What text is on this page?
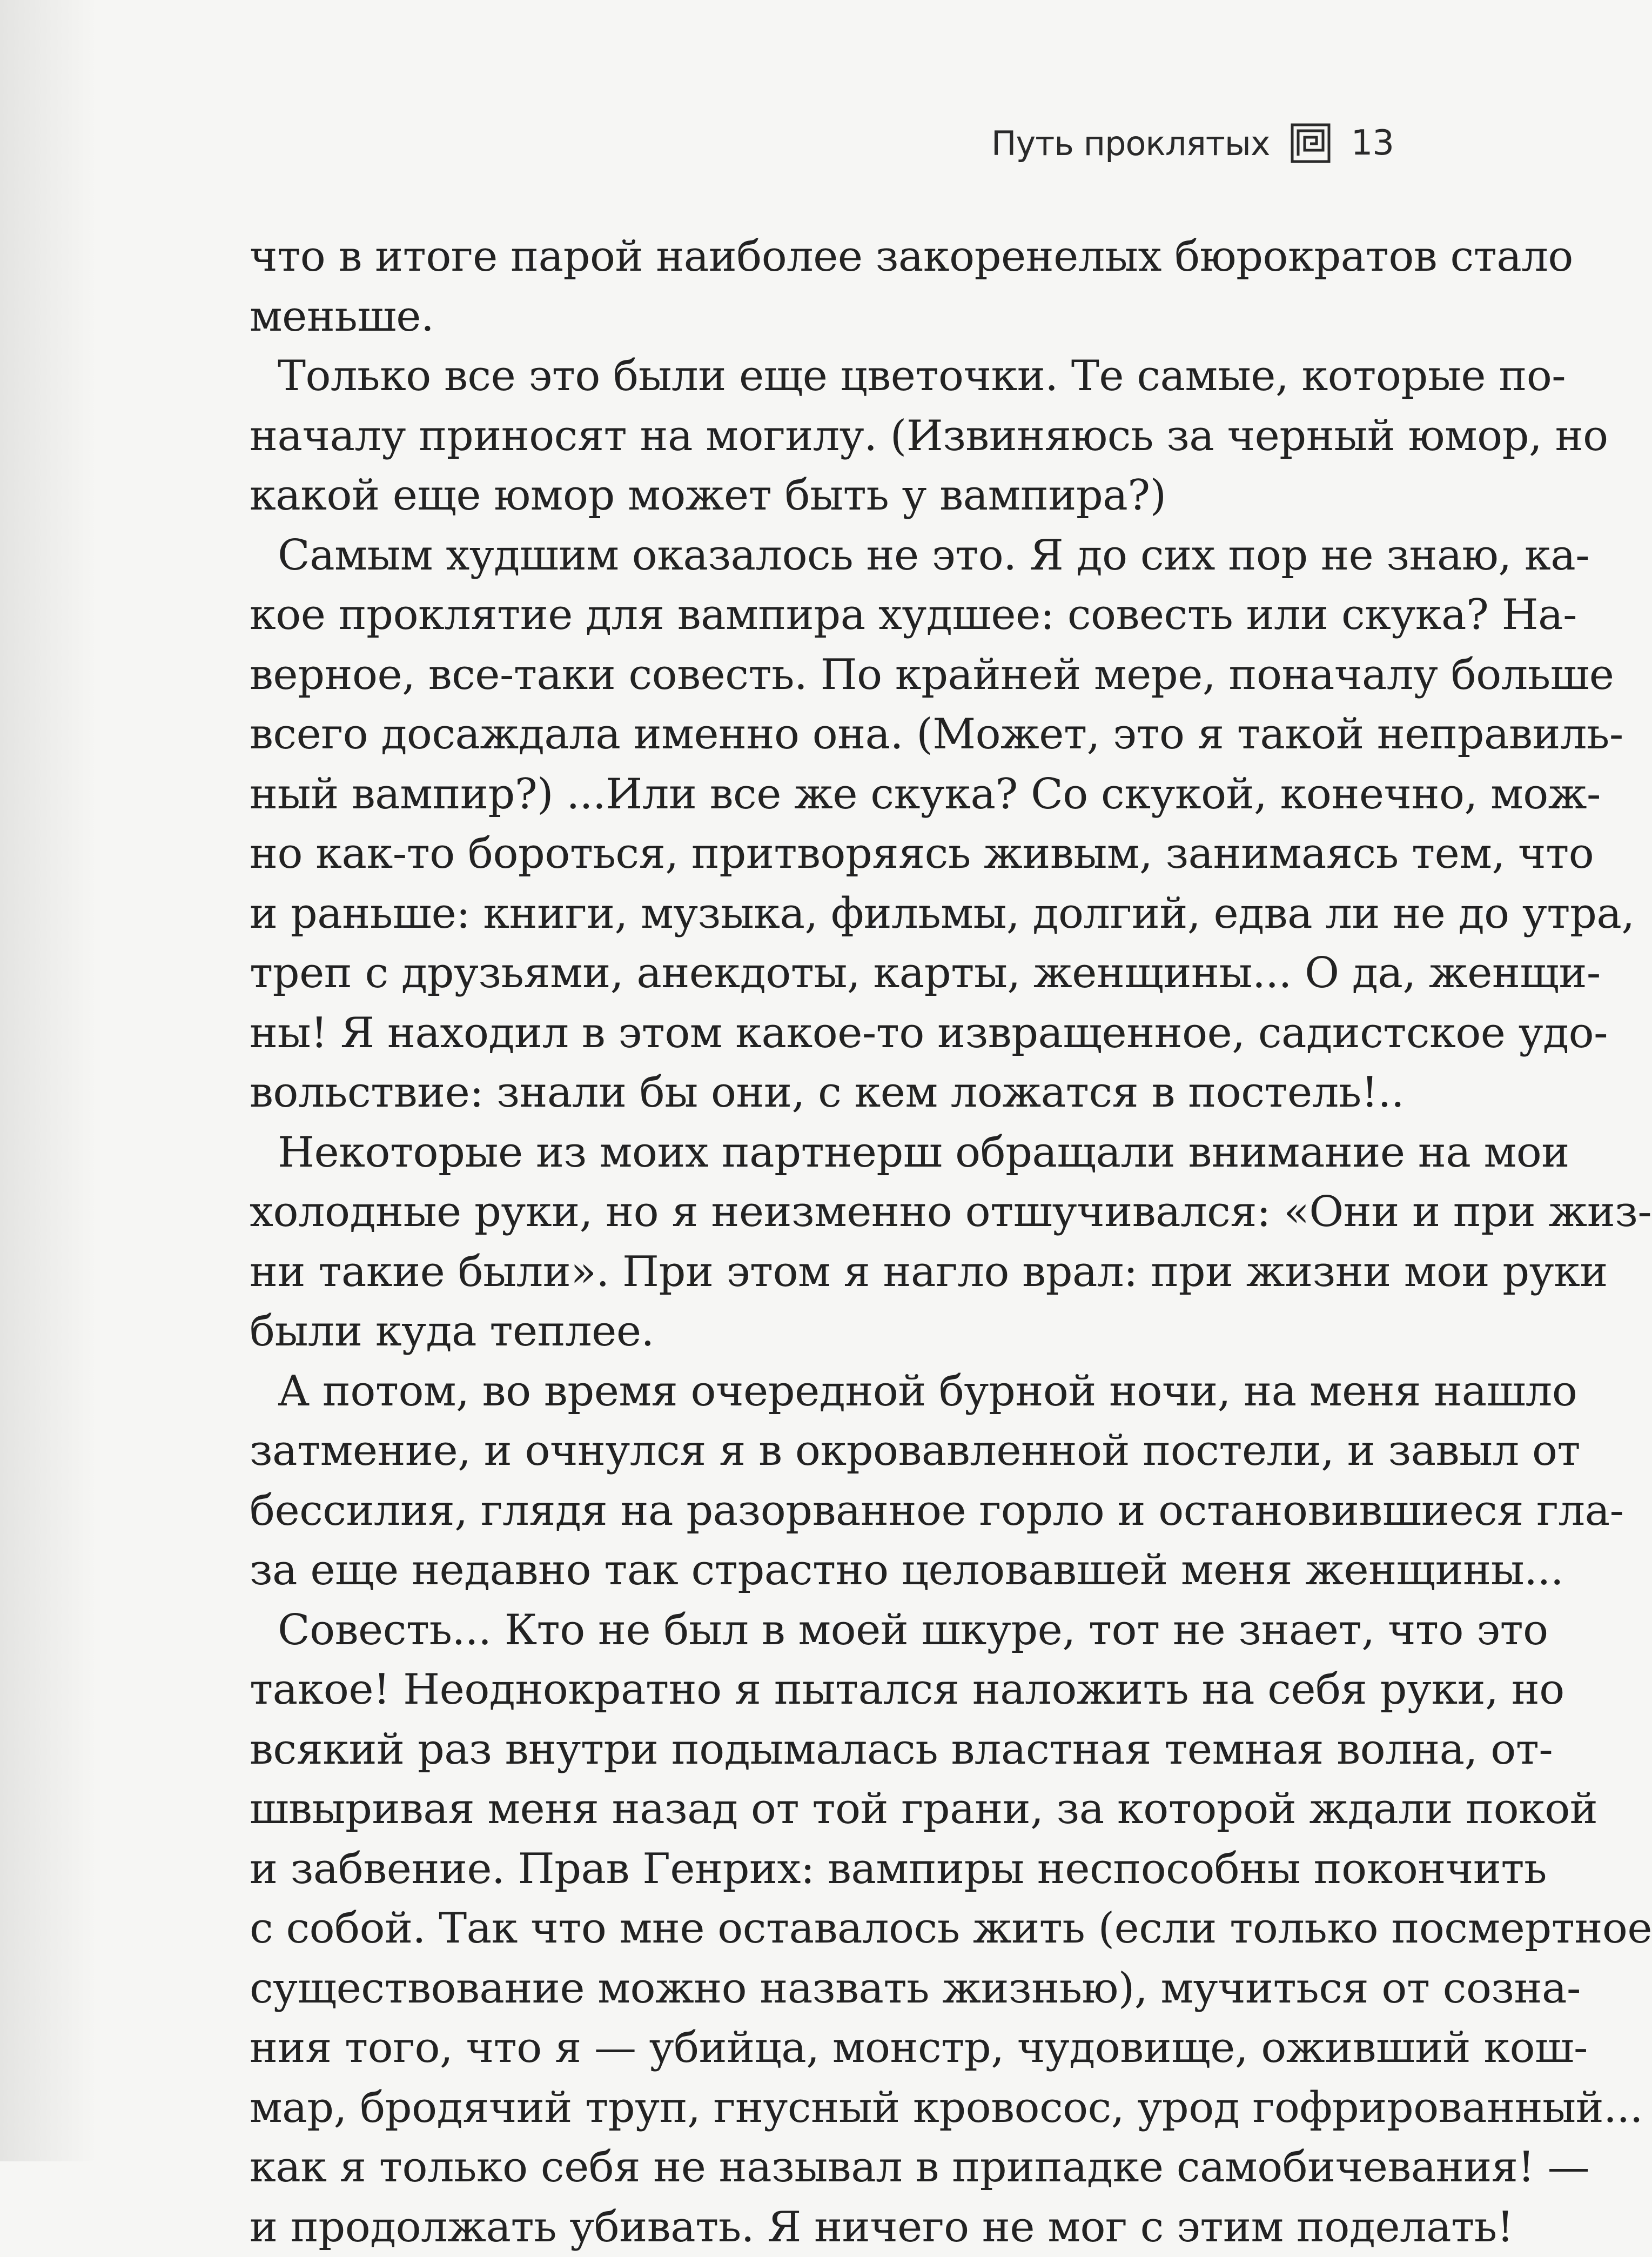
Путь проклятых 13
что в итоге парой наиболее закоренелых бюрократов стало
меньше.
Только все это были еще цветочки. Те самые, которые по-
началу приносят на могилу. (Извиняюсь за черный юмор, но
какой еще юмор может быть у вампира?)
Самым худшим оказалось не это. Я до сих пор не знаю, ка-
кое проклятие для вампира худшее: совесть или скука? На-
верное, все-таки совесть. По крайней мере, поначалу больше
всего досаждала именно она. (Может, это я такой неправиль-
ный вампир?) ...Или все же скука? Со скукой, конечно, мож-
но как-то бороться, притворяясь живым, занимаясь тем, что
и раньше: книги, музыка, фильмы, долгий, едва ли не до утра,
треп с друзьями, анекдоты, карты, женщины... О да, женщи-
ны! Я находил в этом какое-то извращенное, садистское удо-
вольствие: знали бы они, с кем ложатся в постель!..
Некоторые из моих партнерш обращали внимание на мои
холодные руки, но я неизменно отшучивался: «Они и при жиз-
ни такие были». При этом я нагло врал: при жизни мои руки
были куда теплее.
А потом, во время очередной бурной ночи, на меня нашло
затмение, и очнулся я в окровавленной постели, и завыл от
бессилия, глядя на разорванное горло и остановившиеся гла-
за еще недавно так страстно целовавшей меня женщины...
Совесть... Кто не был в моей шкуре, тот не знает, что это
такое! Неоднократно я пытался наложить на себя руки, но
всякий раз внутри подымалась властная темная волна, от-
швыривая меня назад от той грани, за которой ждали покой
и забвение. Прав Генрих: вампиры неспособны покончить
с собой. Так что мне оставалось жить (если только посмертное
существование можно назвать жизнью), мучиться от созна-
ния того, что я — убийца, монстр, чудовище, оживший кош-
мар, бродячий труп, гнусный кровосос, урод гофрированный...
как я только себя не называл в припадке самобичевания! —
и продолжать убивать. Я ничего не мог с этим поделать!
